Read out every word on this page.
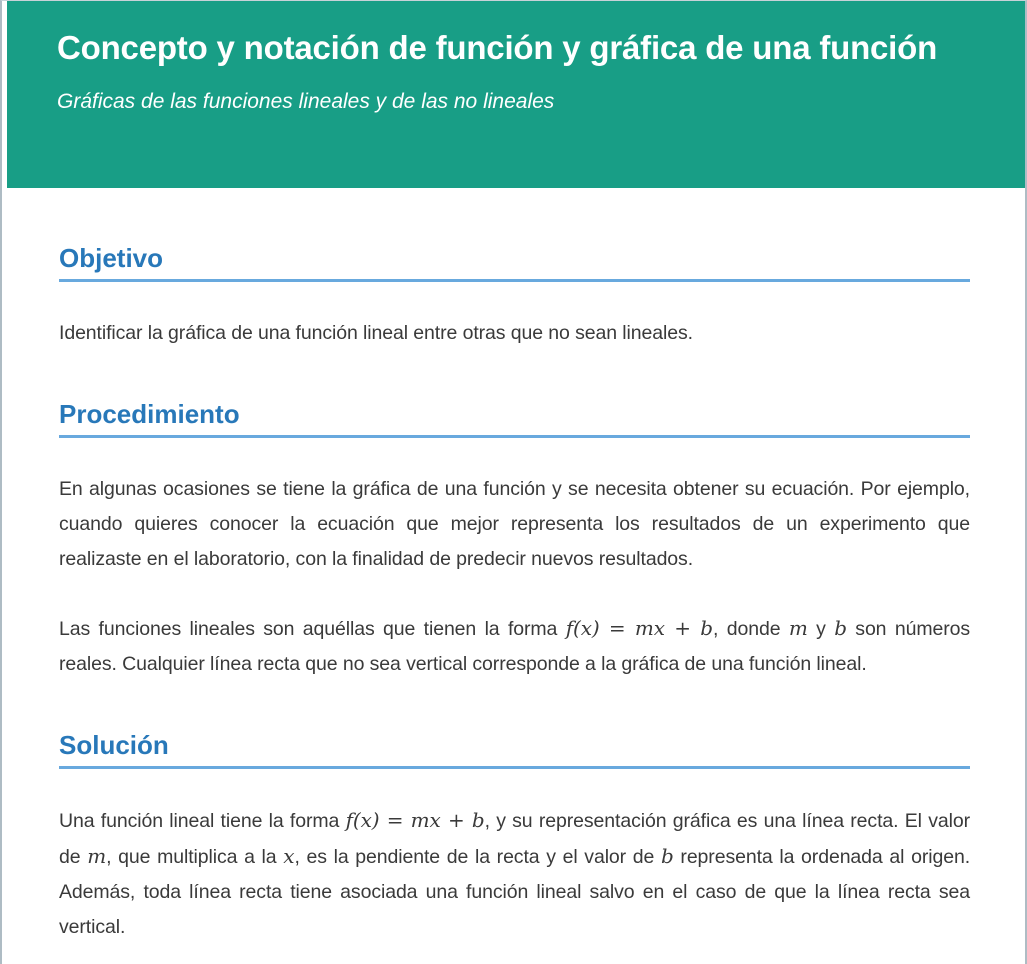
Concepto y notación de función y gráfica de una función

Gráficas de las funciones lineales y de las no lineales

Objetivo

Identificar la gráfica de una función lineal entre otras que no sean lineales.

Procedimiento

En algunas ocasiones se tiene la gráfica de una función y se necesita obtener su ecuación. Por ejemplo, cuando quieres conocer la ecuación que mejor representa los resultados de un experimento que realizaste en el laboratorio, con la finalidad de predecir nuevos resultados.

Las funciones lineales son aquéllas que tienen la forma f(x) = mx + b, donde m y b son números reales. Cualquier línea recta que no sea vertical corresponde a la gráfica de una función lineal.

Solución

Una función lineal tiene la forma f(x) = mx + b, y su representación gráfica es una línea recta. El valor de m, que multiplica a la x, es la pendiente de la recta y el valor de b representa la ordenada al origen. Además, toda línea recta tiene asociada una función lineal salvo en el caso de que la línea recta sea vertical.
